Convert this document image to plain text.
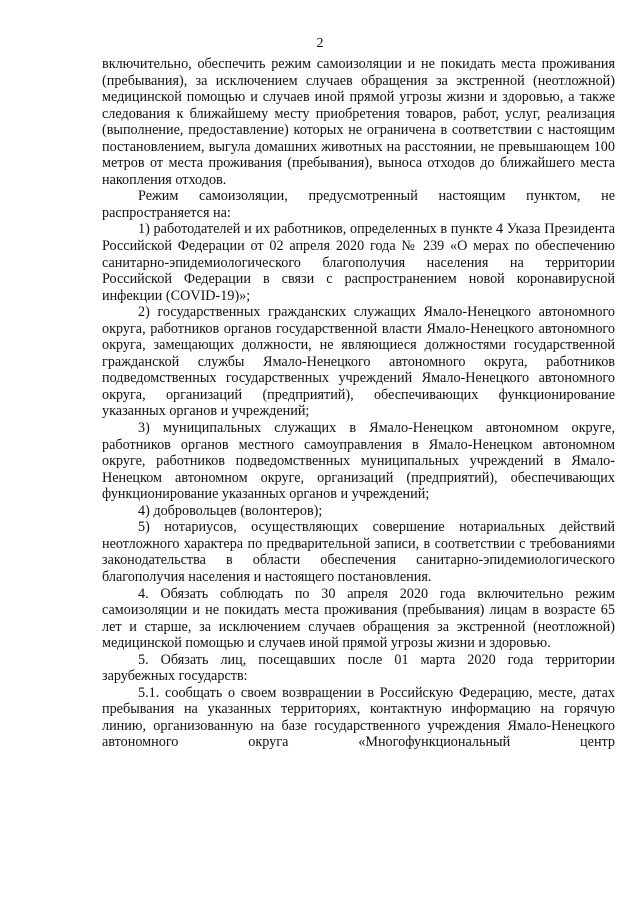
2

включительно, обеспечить режим самоизоляции и не покидать места проживания (пребывания), за исключением случаев обращения за экстренной (неотложной) медицинской помощью и случаев иной прямой угрозы жизни и здоровью, а также следования к ближайшему месту приобретения товаров, работ, услуг, реализация (выполнение, предоставление) которых не ограничена в соответствии с настоящим постановлением, выгула домашних животных на расстоянии, не превышающем 100 метров от места проживания (пребывания), выноса отходов до ближайшего места накопления отходов.

Режим самоизоляции, предусмотренный настоящим пунктом, не распространяется на:

1) работодателей и их работников, определенных в пункте 4 Указа Президента Российской Федерации от 02 апреля 2020 года № 239 «О мерах по обеспечению санитарно-эпидемиологического благополучия населения на территории Российской Федерации в связи с распространением новой коронавирусной инфекции (COVID-19)»;

2) государственных гражданских служащих Ямало-Ненецкого автономного округа, работников органов государственной власти Ямало-Ненецкого автономного округа, замещающих должности, не являющиеся должностями государственной гражданской службы Ямало-Ненецкого автономного округа, работников подведомственных государственных учреждений Ямало-Ненецкого автономного округа, организаций (предприятий), обеспечивающих функционирование указанных органов и учреждений;

3) муниципальных служащих в Ямало-Ненецком автономном округе, работников органов местного самоуправления в Ямало-Ненецком автономном округе, работников подведомственных муниципальных учреждений в Ямало-Ненецком автономном округе, организаций (предприятий), обеспечивающих функционирование указанных органов и учреждений;

4) добровольцев (волонтеров);

5) нотариусов, осуществляющих совершение нотариальных действий неотложного характера по предварительной записи, в соответствии с требованиями законодательства в области обеспечения санитарно-эпидемиологического благополучия населения и настоящего постановления.

4. Обязать соблюдать по 30 апреля 2020 года включительно режим самоизоляции и не покидать места проживания (пребывания) лицам в возрасте 65 лет и старше, за исключением случаев обращения за экстренной (неотложной) медицинской помощью и случаев иной прямой угрозы жизни и здоровью.

5. Обязать лиц, посещавших после 01 марта 2020 года территории зарубежных государств:

5.1. сообщать о своем возвращении в Российскую Федерацию, месте, датах пребывания на указанных территориях, контактную информацию на горячую линию, организованную на базе государственного учреждения Ямало-Ненецкого автономного округа «Многофункциональный центр
